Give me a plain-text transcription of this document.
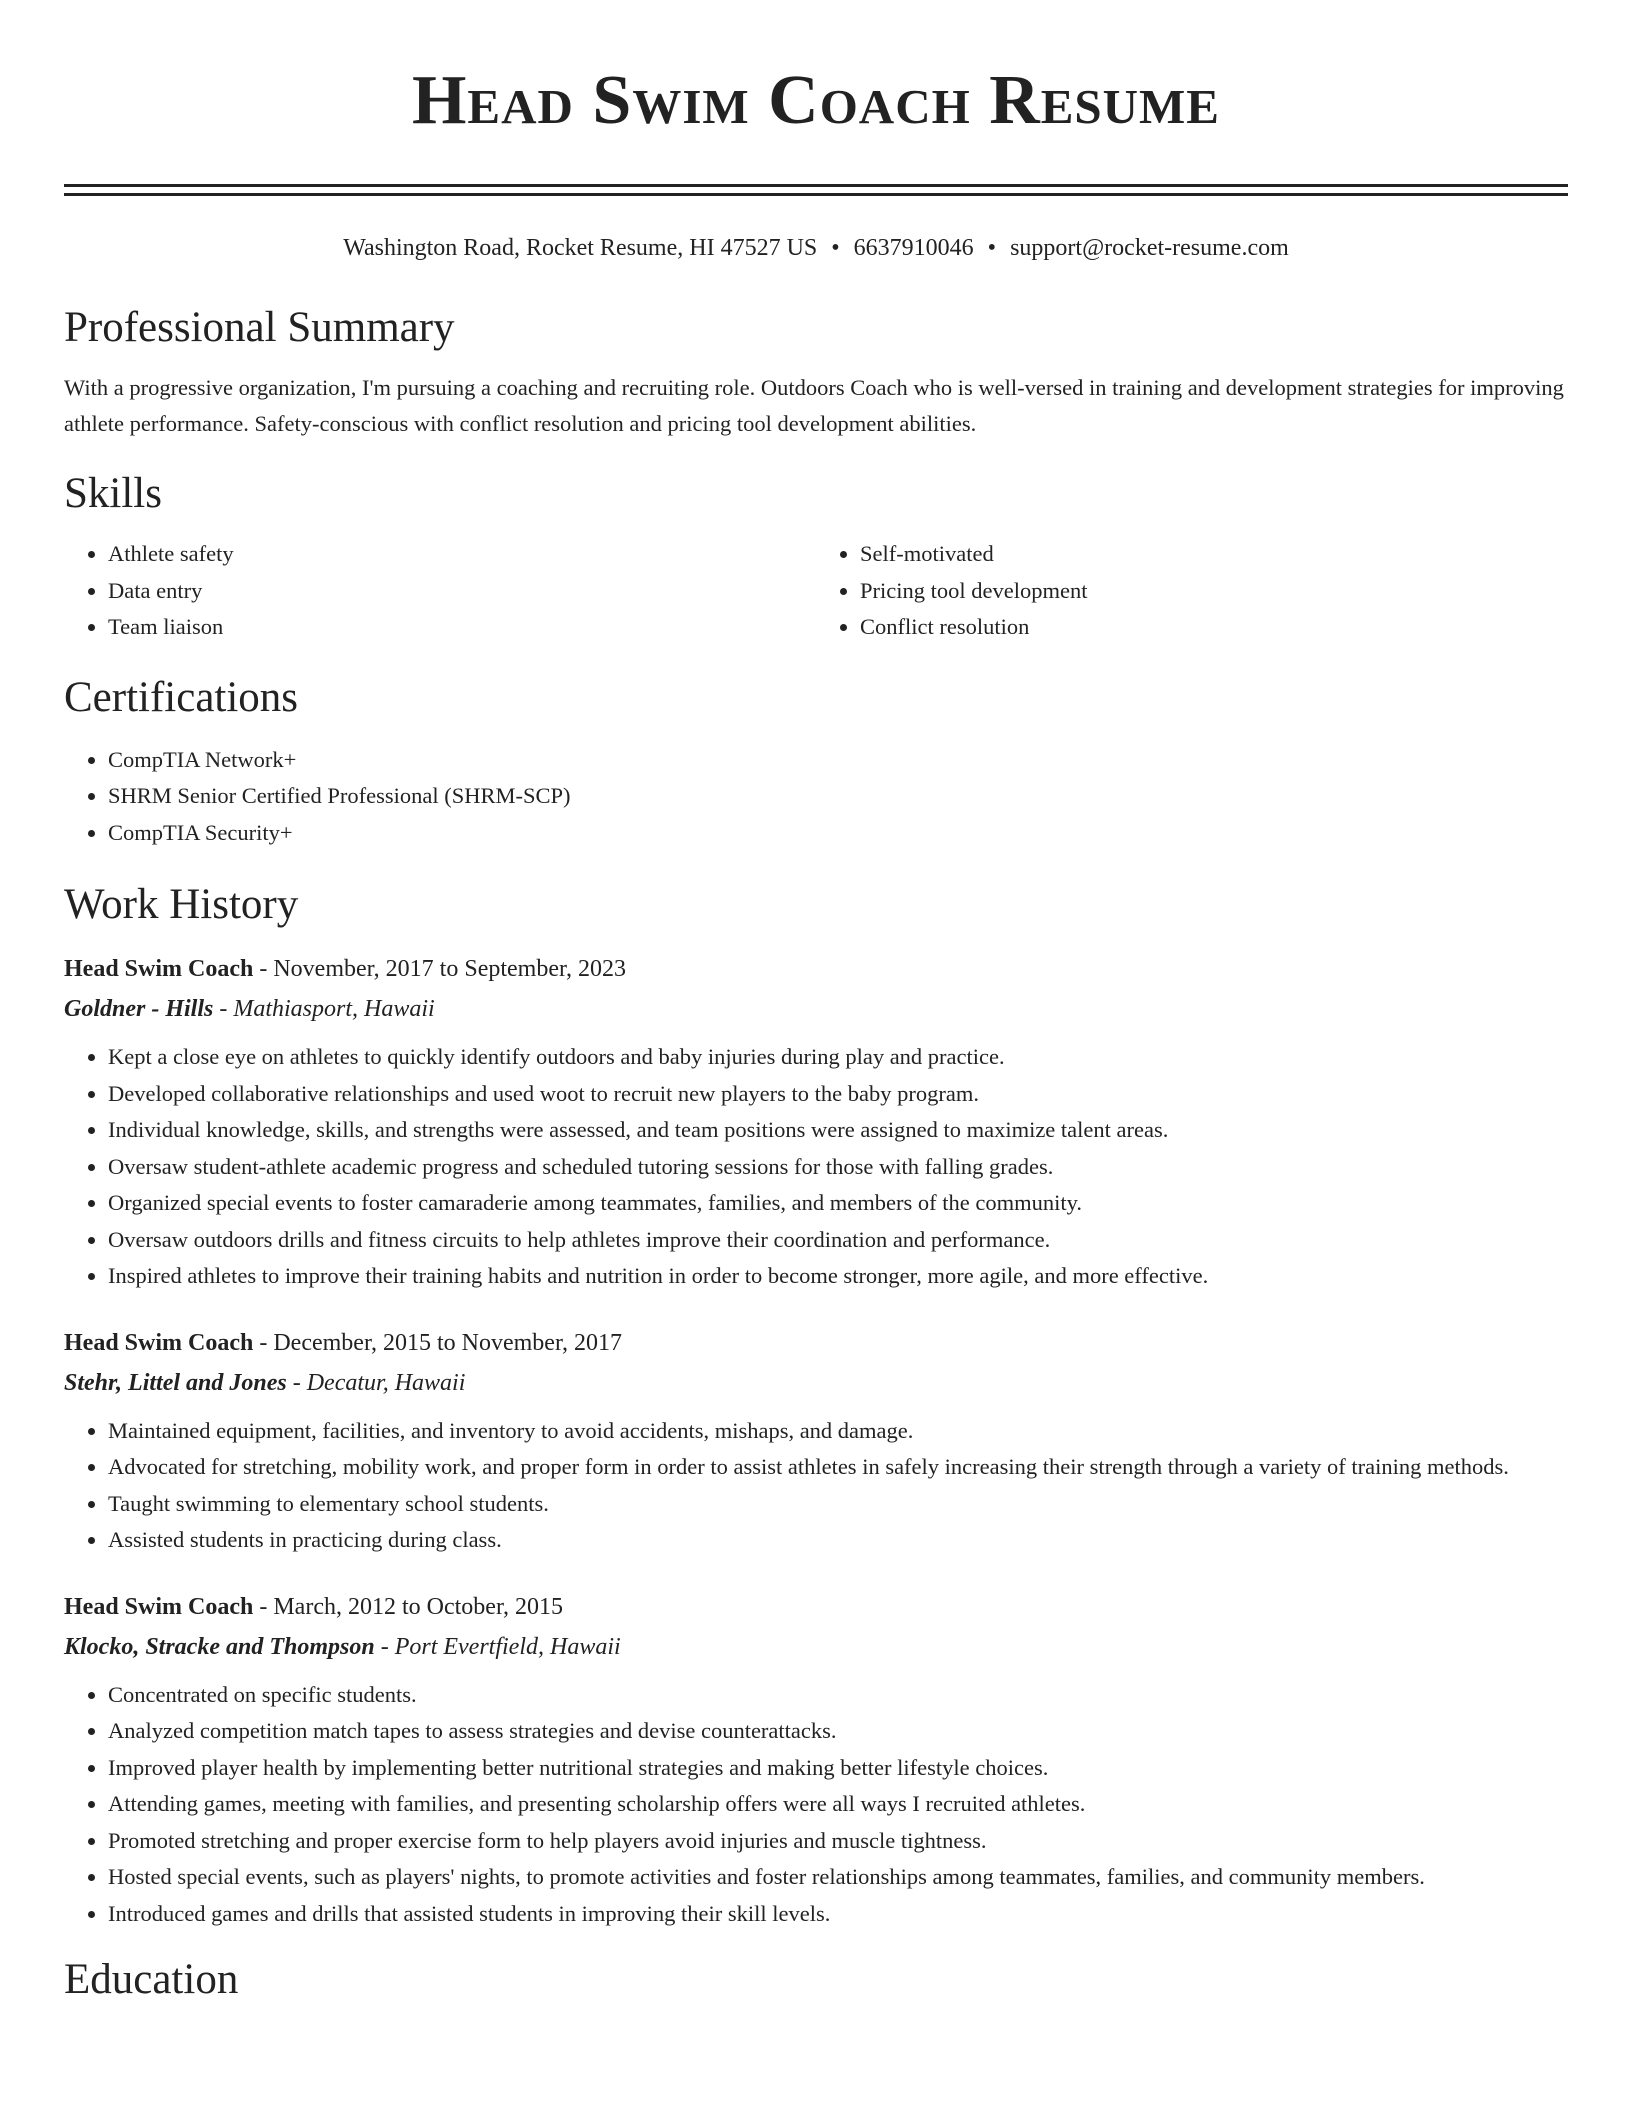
Head Swim Coach Resume
Washington Road, Rocket Resume, HI 47527 US • 6637910046 • support@rocket-resume.com
Professional Summary

With a progressive organization, I'm pursuing a coaching and recruiting role. Outdoors Coach who is well-versed in training and development strategies for improving athlete performance. Safety-conscious with conflict resolution and pricing tool development abilities.

Skills
• Athlete safety
• Data entry
• Team liaison
• Self-motivated
• Pricing tool development
• Conflict resolution
Certifications
• CompTIA Network+
• SHRM Senior Certified Professional (SHRM-SCP)
• CompTIA Security+
Work History
Head Swim Coach - November, 2017 to September, 2023
Goldner - Hills - Mathiasport, Hawaii
• Kept a close eye on athletes to quickly identify outdoors and baby injuries during play and practice.
• Developed collaborative relationships and used woot to recruit new players to the baby program.
• Individual knowledge, skills, and strengths were assessed, and team positions were assigned to maximize talent areas.
• Oversaw student-athlete academic progress and scheduled tutoring sessions for those with falling grades.
• Organized special events to foster camaraderie among teammates, families, and members of the community.
• Oversaw outdoors drills and fitness circuits to help athletes improve their coordination and performance.
• Inspired athletes to improve their training habits and nutrition in order to become stronger, more agile, and more effective.
Head Swim Coach - December, 2015 to November, 2017
Stehr, Littel and Jones - Decatur, Hawaii
• Maintained equipment, facilities, and inventory to avoid accidents, mishaps, and damage.
• Advocated for stretching, mobility work, and proper form in order to assist athletes in safely increasing their strength through a variety of training methods.
• Taught swimming to elementary school students.
• Assisted students in practicing during class.
Head Swim Coach - March, 2012 to October, 2015
Klocko, Stracke and Thompson - Port Evertfield, Hawaii
• Concentrated on specific students.
• Analyzed competition match tapes to assess strategies and devise counterattacks.
• Improved player health by implementing better nutritional strategies and making better lifestyle choices.
• Attending games, meeting with families, and presenting scholarship offers were all ways I recruited athletes.
• Promoted stretching and proper exercise form to help players avoid injuries and muscle tightness.
• Hosted special events, such as players' nights, to promote activities and foster relationships among teammates, families, and community members.
• Introduced games and drills that assisted students in improving their skill levels.
Education
